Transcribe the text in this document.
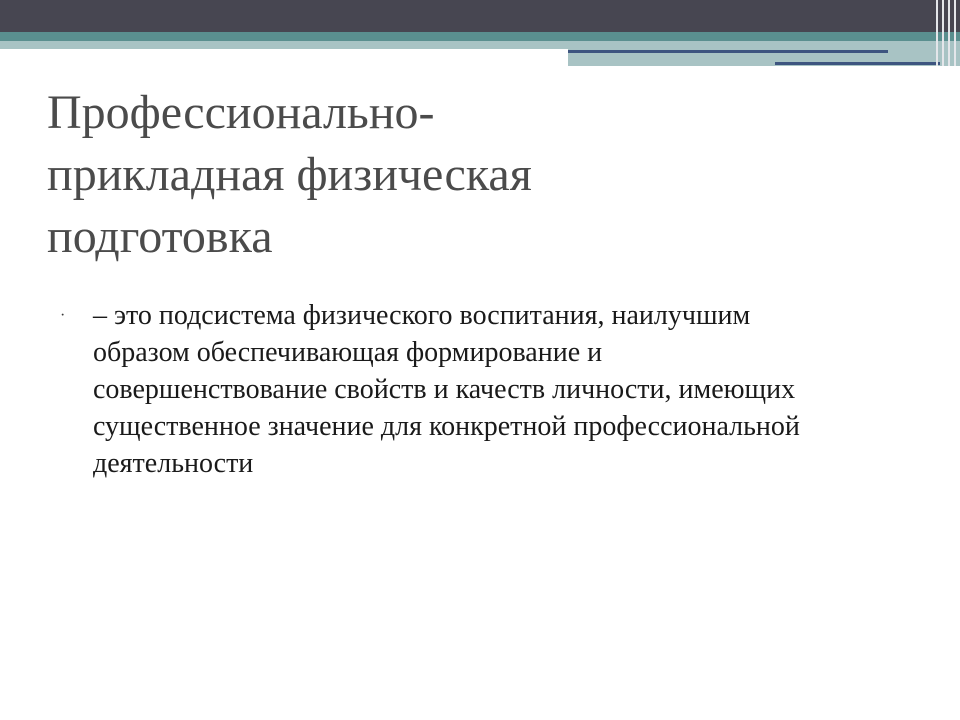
Профессионально-
прикладная физическая
подготовка
· – это подсистема физического воспитания, наилучшим
образом обеспечивающая формирование и
совершенствование свойств и качеств личности, имеющих
существенное значение для конкретной профессиональной
деятельности
